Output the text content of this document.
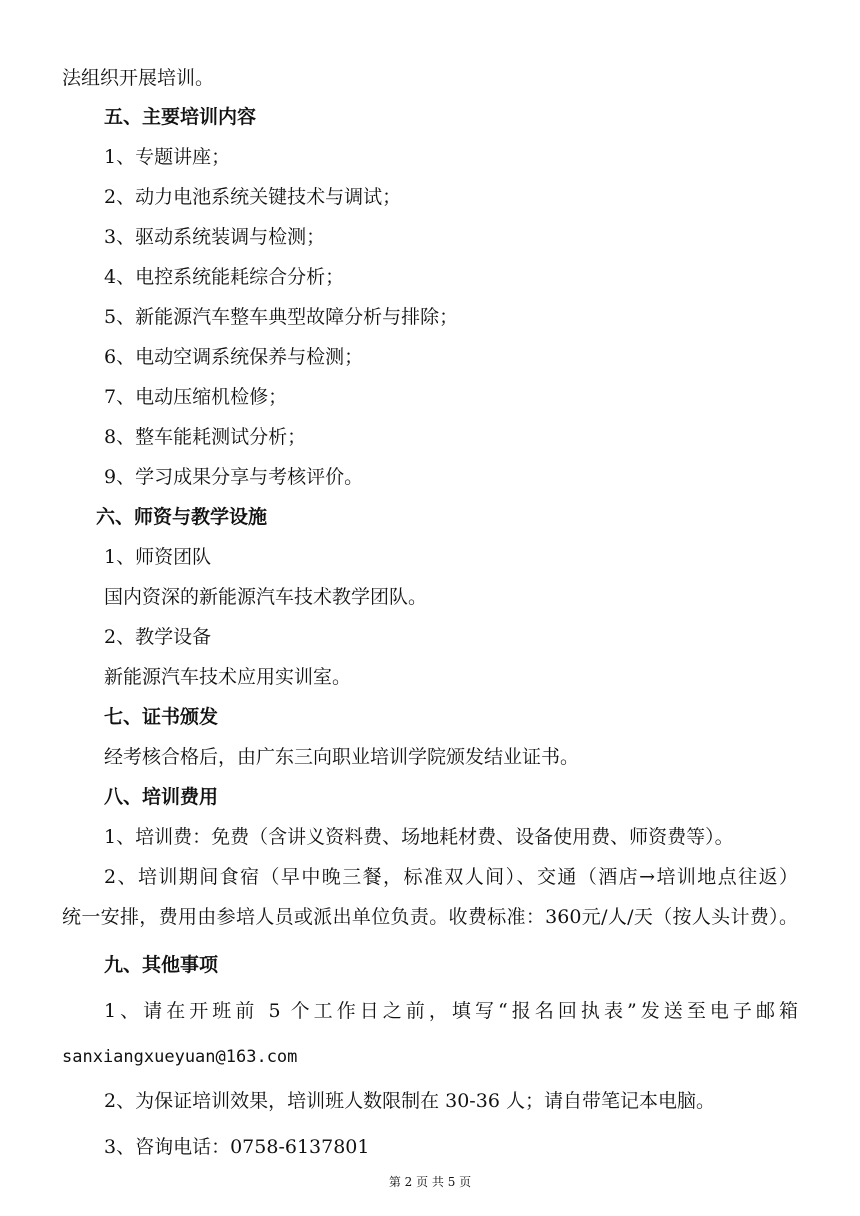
法组织开展培训。
五、主要培训内容
1、专题讲座；
2、动力电池系统关键技术与调试；
3、驱动系统装调与检测；
4、电控系统能耗综合分析；
5、新能源汽车整车典型故障分析与排除；
6、电动空调系统保养与检测；
7、电动压缩机检修；
8、整车能耗测试分析；
9、学习成果分享与考核评价。
六、师资与教学设施
1、师资团队
国内资深的新能源汽车技术教学团队。
2、教学设备
新能源汽车技术应用实训室。
七、证书颁发
经考核合格后，由广东三向职业培训学院颁发结业证书。
八、培训费用
1、培训费：免费（含讲义资料费、场地耗材费、设备使用费、师资费等）。
2、培训期间食宿（早中晚三餐，标准双人间）、交通（酒店→培训地点往返）
统一安排，费用由参培人员或派出单位负责。收费标准：360元/人/天（按人头计费）。
九、其他事项
1、请在开班前 5 个工作日之前，填写“报名回执表”发送至电子邮箱
sanxiangxueyuan@163.com
2、为保证培训效果，培训班人数限制在 30-36 人；请自带笔记本电脑。
3、咨询电话：0758-6137801
第 2 页 共 5 页
